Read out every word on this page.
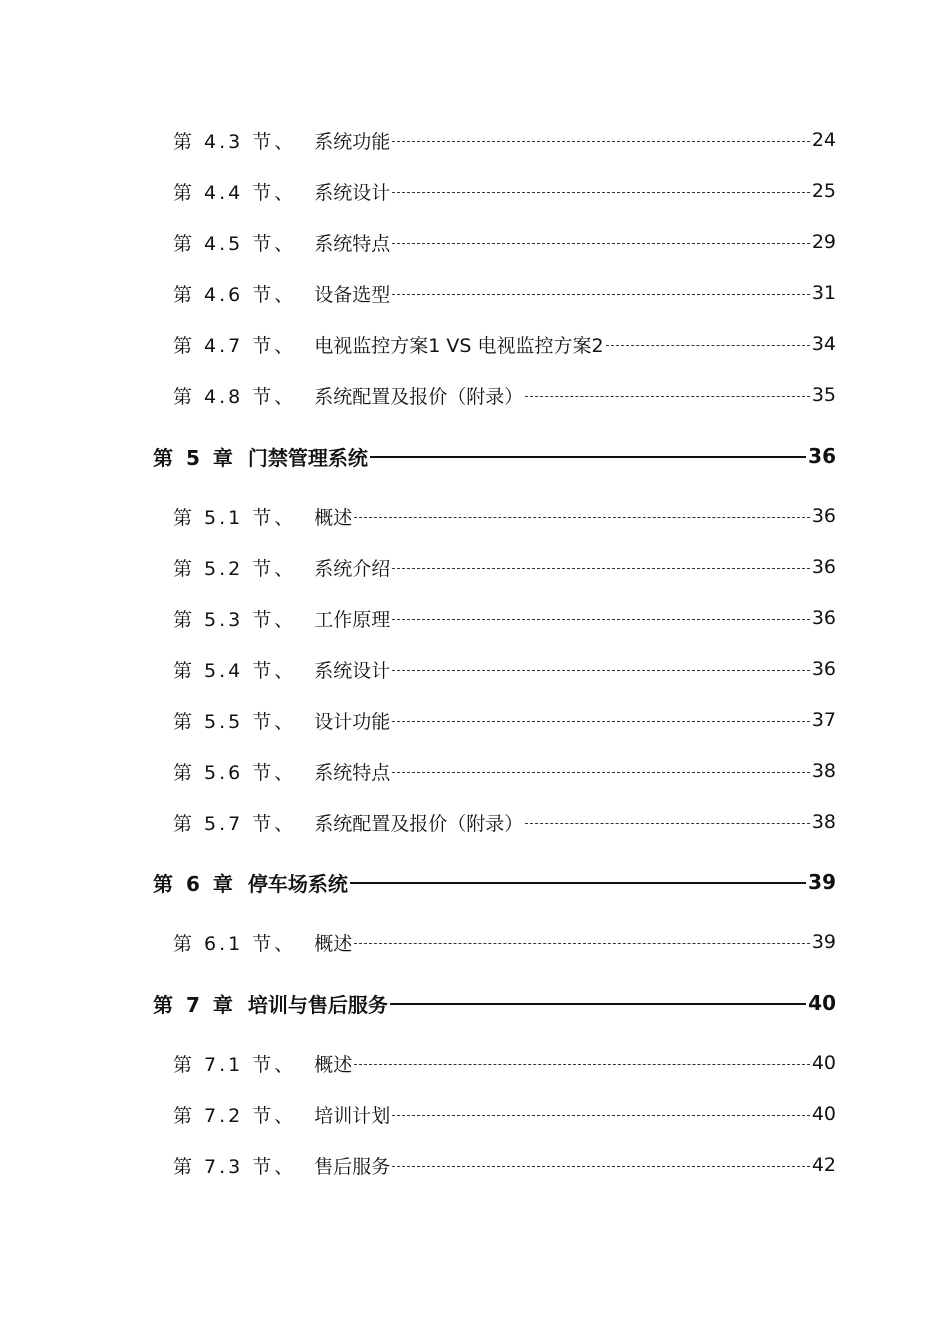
第 4.3 节、 系统功能	24
第 4.4 节、 系统设计	25
第 4.5 节、 系统特点	29
第 4.6 节、 设备选型	31
第 4.7 节、 电视监控方案1 VS 电视监控方案2	34
第 4.8 节、 系统配置及报价（附录）	35
第 5 章 门禁管理系统	36
第 5.1 节、 概述	36
第 5.2 节、 系统介绍	36
第 5.3 节、 工作原理	36
第 5.4 节、 系统设计	36
第 5.5 节、 设计功能	37
第 5.6 节、 系统特点	38
第 5.7 节、 系统配置及报价（附录）	38
第 6 章 停车场系统	39
第 6.1 节、 概述	39
第 7 章 培训与售后服务	40
第 7.1 节、 概述	40
第 7.2 节、 培训计划	40
第 7.3 节、 售后服务	42
